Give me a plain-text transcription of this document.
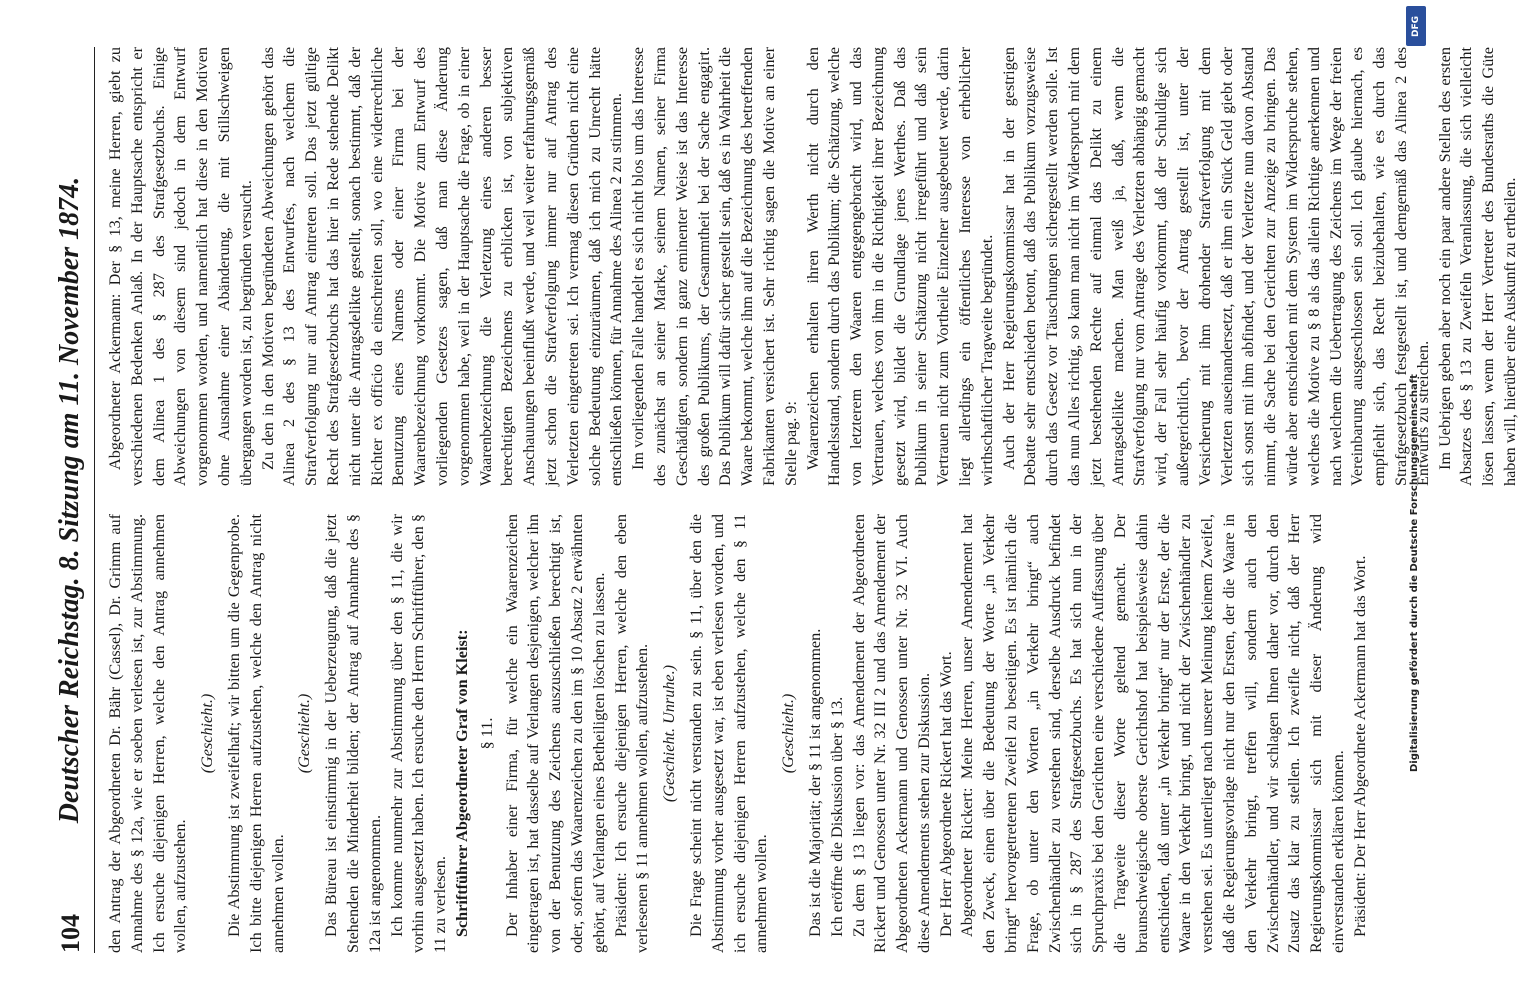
104
Deutscher Reichstag. 8. Sitzung am 11. November 1874. den Antrag der Abgeordneten Dr. Bähr (Cassel), Dr. Grimm auf Annahme des § 12a, wie er soeben verlesen ist, zur Abstimmung. Ich ersuche diejenigen Herren, welche den Antrag annehmen wollen, aufzustehen.

(Geschieht.) Die Abstimmung ist zweifelhaft; wir bitten um die Gegenprobe. Ich bitte diejenigen Herren aufzustehen, welche den Antrag nicht annehmen wollen.

(Geschieht.) Das Büreau ist einstimmig in der Ueberzeugung, daß die jetzt Stehenden die Minderheit bilden; der Antrag auf Annahme des § 12a ist angenommen. Ich komme nunmehr zur Abstimmung über den § 11, die wir vorhin ausgesetzt haben. Ich ersuche den Herrn Schriftführer, den § 11 zu verlesen. Schriftführer Abgeordneter Graf von Kleist: § 11. Der Inhaber einer Firma, für welche ein Waarenzeichen eingetragen ist, hat dasselbe auf Verlangen desjenigen, welcher ihn von der Benutzung des Zeichens auszuschließen berechtigt ist, oder, sofern das Waarenzeichen zu den im § 10 Absatz 2 erwähnten gehört, auf Verlangen eines Betheiligten löschen zu lassen. Präsident: Ich ersuche diejenigen Herren, welche den eben verlesenen § 11 annehmen wollen, aufzustehen. (Geschieht. Unruhe.) Die Frage scheint nicht verstanden zu sein. § 11, über den die Abstimmung vorher ausgesetzt war, ist eben verlesen worden, und ich ersuche diejenigen Herren aufzustehen, welche den § 11 annehmen wollen.

(Geschieht.) Das ist die Majorität; der § 11 ist angenommen. Ich eröffne die Diskussion über § 13. Zu dem § 13 liegen vor: das Amendement der Abgeordneten Rickert und Genossen unter Nr. 32 III 2 und das Amendement der Abgeordneten Ackermann und Genossen unter Nr. 32 VI. Auch diese Amendements stehen zur Diskussion. Der Herr Abgeordnete Rickert hat das Wort. Abgeordneter Rickert: Meine Herren, unser Amendement hat den Zweck, einen über die Bedeutung der Worte „in Verkehr bringt“ hervorgetretenen Zweifel zu beseitigen. Es ist nämlich die Frage, ob unter den Worten „in Verkehr bringt“ auch Zwischenhändler zu verstehen sind, derselbe Ausdruck befindet sich in § 287 des Strafgesetzbuchs. Es hat sich nun in der Spruchpraxis bei den Gerichten eine verschiedene Auffassung über die Tragweite dieser Worte geltend gemacht. Der braunschweigische oberste Gerichtshof hat beispielsweise dahin entschieden, daß unter „in Verkehr bringt“ nur der Erste, der die Waare in den Verkehr bringt, und nicht der Zwischenhändler zu verstehen sei. Es unterliegt nach unserer Meinung keinem Zweifel, daß die Regierungsvorlage nicht nur den Ersten, der die Waare in den Verkehr bringt, treffen will, sondern auch den Zwischenhändler, und wir schlagen Ihnen daher vor, durch den Zusatz das klar zu stellen. Ich zweifle nicht, daß der Herr Regierungskommissar sich mit dieser Änderung wird einverstanden erklären können. Präsident: Der Herr Abgeordnete Ackermann hat das Wort.

Abgeordneter Ackermann: Der § 13, meine Herren, giebt zu verschiedenen Bedenken Anlaß. In der Hauptsache entspricht er dem Alinea 1 des § 287 des Strafgesetzbuchs. Einige Abweichungen von diesem sind jedoch in dem Entwurf vorgenommen worden, und namentlich hat diese in den Motiven ohne Ausnahme einer Abänderung, die mit Stillschweigen übergangen worden ist, zu begründen versucht. Zu den in den Motiven begründeten Abweichungen gehört das Alinea 2 des § 13 des Entwurfes, nach welchem die Strafverfolgung nur auf Antrag eintreten soll. Das jetzt gültige Recht des Strafgesetzbuchs hat das hier in Rede stehende Delikt nicht unter die Antragsdelikte gestellt, sonach bestimmt, daß der Richter ex officio da einschreiten soll, wo eine widerrechtliche Benutzung eines Namens oder einer Firma bei der Waarenbezeichnung vorkommt. Die Motive zum Entwurf des vorliegenden Gesetzes sagen, daß man diese Änderung vorgenommen habe, weil in der Hauptsache die Frage, ob in einer Waarenbezeichnung die Verletzung eines anderen besser berechtigten Bezeichnens zu erblicken ist, von subjektiven Anschauungen beeinflußt werde, und weil weiter erfahrungsgemäß jetzt schon die Strafverfolgung immer nur auf Antrag des Verletzten eingetreten sei. Ich vermag diesen Gründen nicht eine solche Bedeutung einzuräumen, daß ich mich zu Unrecht hätte entschließen können, für Annahme des Alinea 2 zu stimmen. Im vorliegenden Falle handelt es sich nicht blos um das Interesse des zunächst an seiner Marke, seinem Namen, seiner Firma Geschädigten, sondern in ganz eminenter Weise ist das Interesse des großen Publikums, der Gesammtheit bei der Sache engagirt. Das Publikum will dafür sicher gestellt sein, daß es in Wahrheit die Waare bekommt, welche ihm auf die Bezeichnung des betreffenden Fabrikanten versichert ist. Sehr richtig sagen die Motive an einer Stelle pag. 9: Waarenzeichen erhalten ihren Werth nicht durch den Handelsstand, sondern durch das Publikum; die Schätzung, welche von letzterem den Waaren entgegengebracht wird, und das Vertrauen, welches von ihm in die Richtigkeit ihrer Bezeichnung gesetzt wird, bildet die Grundlage jenes Werthes. Daß das Publikum in seiner Schätzung nicht irregeführt und daß sein Vertrauen nicht zum Vortheile Einzelner ausgebeutet werde, darin liegt allerdings ein öffentliches Interesse von erheblicher wirthschaftlicher Tragweite begründet. Auch der Herr Regierungskommissar hat in der gestrigen Debatte sehr entschieden betont, daß das Publikum vorzugsweise durch das Gesetz vor Täuschungen sichergestellt werden solle. Ist das nun Alles richtig, so kann man nicht im Widerspruch mit dem jetzt bestehenden Rechte auf einmal das Delikt zu einem Antragsdelikte machen. Man weiß ja, daß, wenn die Strafverfolgung nur vom Antrage des Verletzten abhängig gemacht wird, der Fall sehr häufig vorkommt, daß der Schuldige sich außergerichtlich, bevor der Antrag gestellt ist, unter der Versicherung mit ihm drohender Strafverfolgung mit dem Verletzten auseinandersetzt, daß er ihm ein Stück Geld giebt oder sich sonst mit ihm abfindet, und der Verletzte nun davon Abstand nimmt, die Sache bei den Gerichten zur Anzeige zu bringen. Das würde aber entschieden mit dem System im Widerspruche stehen, welches die Motive zu § 8 als das allein Richtige anerkennen und nach welchem die Uebertragung des Zeichens im Wege der freien Vereinbarung ausgeschlossen sein soll. Ich glaube hiernach, es empfiehlt sich, das Recht beizubehalten, wie es durch das Strafgesetzbuch festgestellt ist, und demgemäß das Alinea 2 des Entwurfs zu streichen. Im Uebrigen geben aber noch ein paar andere Stellen des ersten Absatzes des § 13 zu Zweifeln Veranlassung, die sich vielleicht lösen lassen, wenn der Herr Vertreter des Bundesraths die Güte haben will, hierüber eine Auskunft zu ertheilen.

DFG
Digitalisierung gefördert durch die Deutsche Forschungsgemeinschaft
